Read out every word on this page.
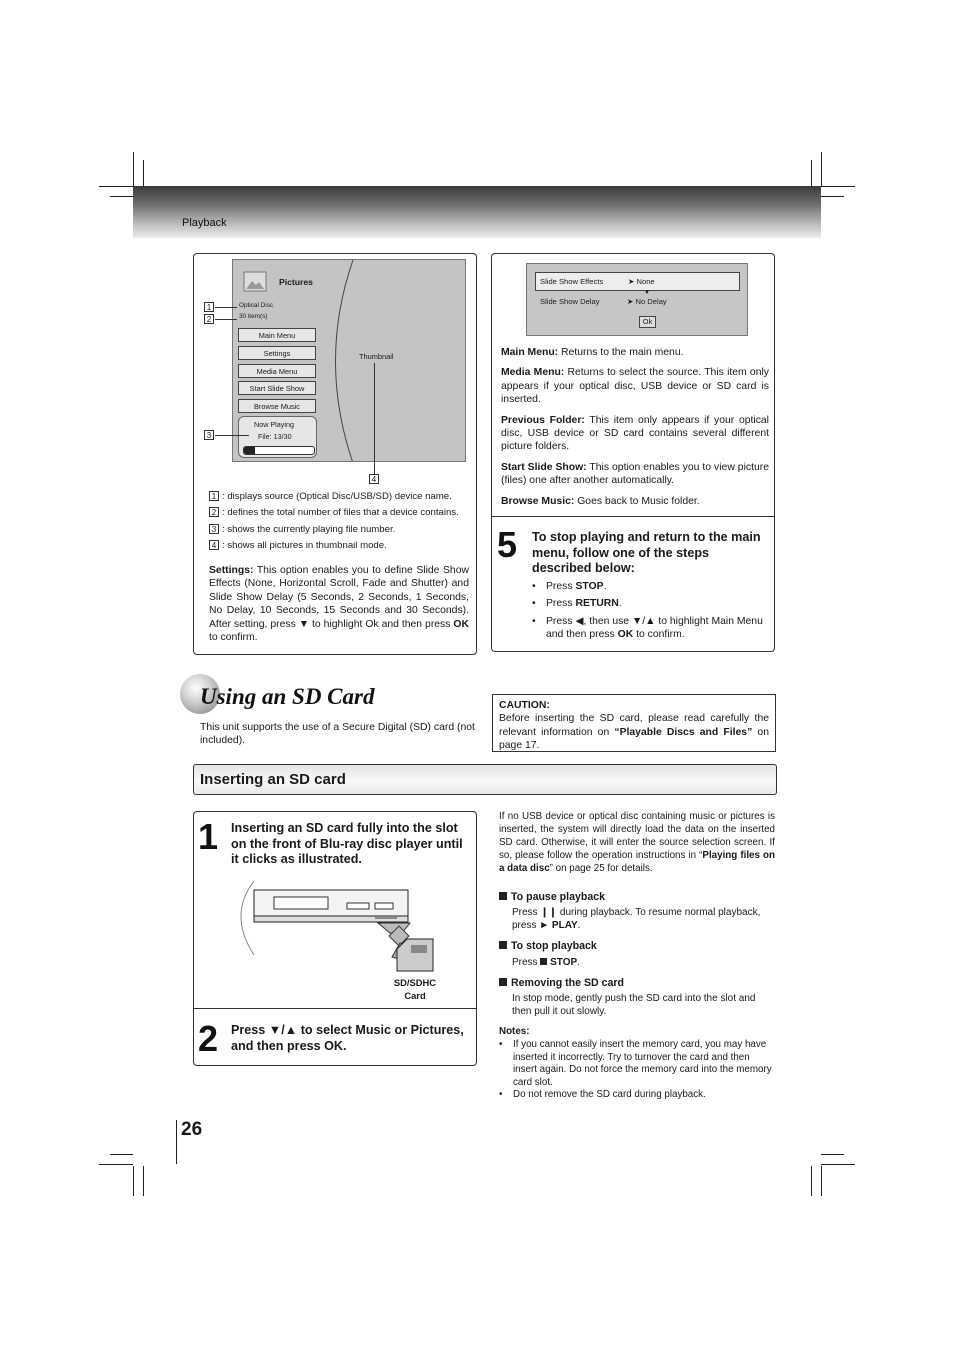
Playback
Pictures
Optical Disc
30 item(s)
Main Menu
Settings
Media Menu
Start Slide Show
Browse Music
Now Playing
File: 13/30
Thumbnail
1
2
3
4
1 : displays source (Optical Disc/USB/SD) device name.
2 : defines the total number of files that a device contains.
3 : shows the currently playing file number.
4 : shows all pictures in thumbnail mode.
Settings: This option enables you to define Slide Show Effects (None, Horizontal Scroll, Fade and Shutter) and Slide Show Delay (5 Seconds, 2 Seconds, 1 Seconds, No Delay, 10 Seconds, 15 Seconds and 30 Seconds). After setting, press ▼ to highlight Ok and then press OK to confirm.
Slide Show Effects	➤ None
▼
Slide Show Delay	➤ No Delay
Ok
Main Menu: Returns to the main menu.
Media Menu: Returns to select the source. This item only appears if your optical disc, USB device or SD card is inserted.
Previous Folder: This item only appears if your optical disc, USB device or SD card contains several different picture folders.
Start Slide Show: This option enables you to view picture (files) one after another automatically.
Browse Music: Goes back to Music folder.
5 To stop playing and return to the main menu, follow one of the steps described below:
• Press STOP.
• Press RETURN.
• Press ◀, then use ▼/▲ to highlight Main Menu and then press OK to confirm.
Using an SD Card
This unit supports the use of a Secure Digital (SD) card (not included).
CAUTION:
Before inserting the SD card, please read carefully the relevant information on “Playable Discs and Files” on page 17.
Inserting an SD card
1 Inserting an SD card fully into the slot on the front of Blu-ray disc player until it clicks as illustrated.
SD/SDHC
Card
2 Press ▼/▲ to select Music or Pictures, and then press OK.
If no USB device or optical disc containing music or pictures is inserted, the system will directly load the data on the inserted SD card. Otherwise, it will enter the source selection screen. If so, please follow the operation instructions in “Playing files on a data disc” on page 25 for details.
To pause playback
Press ❙❙ during playback. To resume normal playback, press ► PLAY.
To stop playback
Press  STOP.
Removing the SD card
In stop mode, gently push the SD card into the slot and then pull it out slowly.
Notes:
• If you cannot easily insert the memory card, you may have inserted it incorrectly. Try to turnover the card and then insert again. Do not force the memory card into the memory card slot.
• Do not remove the SD card during playback.
26
